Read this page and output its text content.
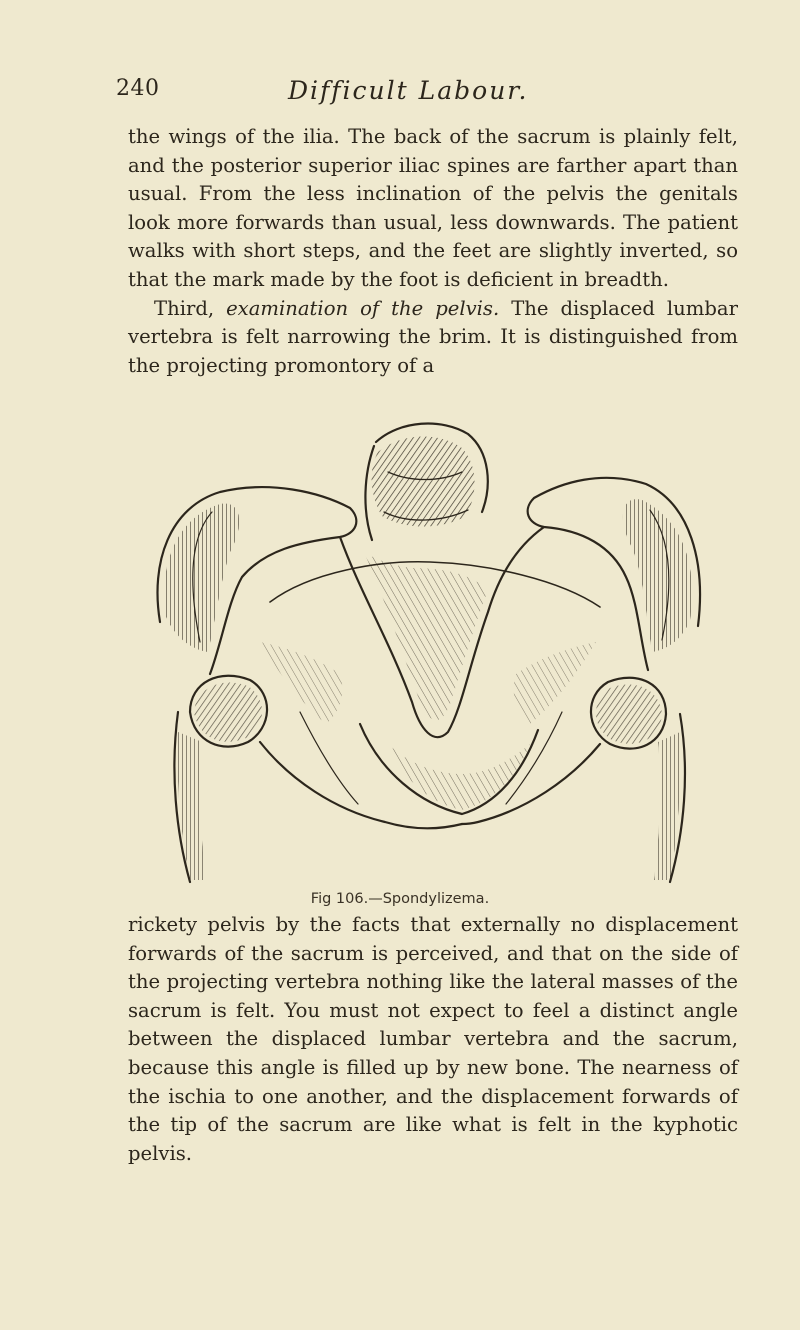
240	Difficult Labour.

the wings of the ilia. The back of the sacrum is plainly felt, and the posterior superior iliac spines are farther apart than usual. From the less inclination of the pelvis the genitals look more forwards than usual, less downwards. The patient walks with short steps, and the feet are slightly inverted, so that the mark made by the foot is deficient in breadth.

Third, examination of the pelvis. The displaced lumbar vertebra is felt narrowing the brim. It is distinguished from the projecting promontory of a

Fig 106.—Spondylizema.

rickety pelvis by the facts that externally no displacement forwards of the sacrum is perceived, and that on the side of the projecting vertebra nothing like the lateral masses of the sacrum is felt. You must not expect to feel a distinct angle between the displaced lumbar vertebra and the sacrum, because this angle is filled up by new bone. The nearness of the ischia to one another, and the displacement forwards of the tip of the sacrum are like what is felt in the kyphotic pelvis.
